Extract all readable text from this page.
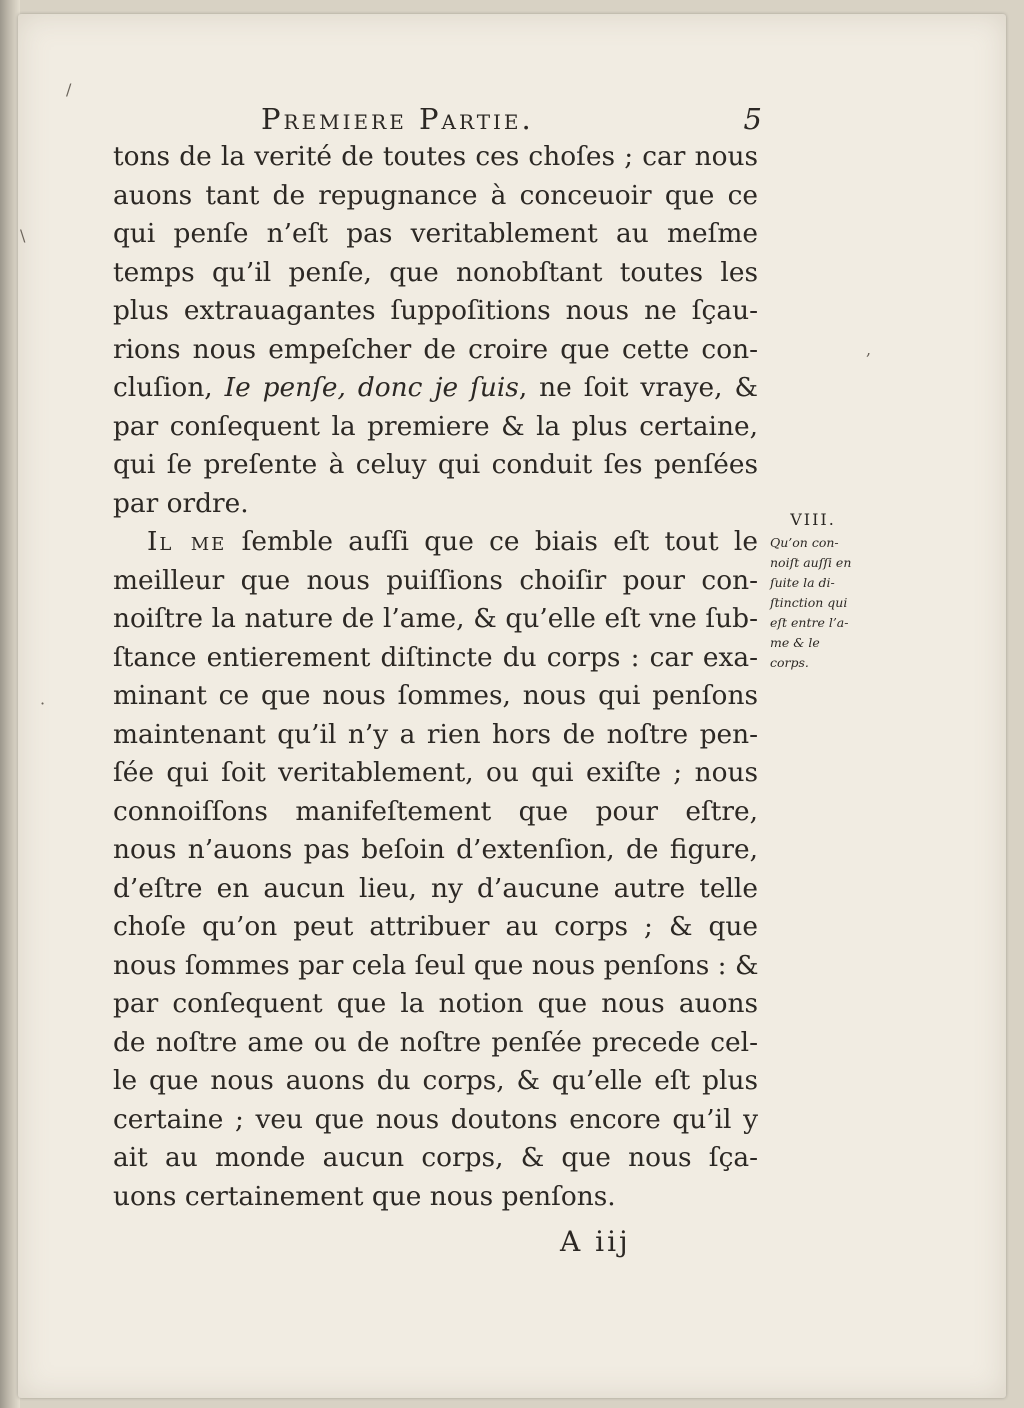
Premiere Partie.	5
tons de la verité de toutes ces choſes ; car nous
auons tant de repugnance à conceuoir que ce
qui penſe n’eſt pas veritablement au meſme
temps qu’il penſe, que nonobſtant toutes les
plus extrauagantes ſuppoſitions nous ne ſçau-
rions nous empeſcher de croire que cette con-
cluſion, Ie penſe, donc je ſuis, ne ſoit vraye, &
par conſequent la premiere & la plus certaine,
qui ſe preſente à celuy qui conduit ſes penſées
par ordre.
Il me ſemble auſſi que ce biais eſt tout le
meilleur que nous puiſſions choiſir pour con-
noiſtre la nature de l’ame, & qu’elle eſt vne ſub-
ſtance entierement diſtincte du corps : car exa-
minant ce que nous ſommes, nous qui penſons
maintenant qu’il n’y a rien hors de noſtre pen-
ſée qui ſoit veritablement, ou qui exiſte ; nous
connoiſſons manifeſtement que pour eſtre,
nous n’auons pas beſoin d’extenſion, de figure,
d’eſtre en aucun lieu, ny d’aucune autre telle
choſe qu’on peut attribuer au corps ; & que
nous ſommes par cela ſeul que nous penſons : &
par conſequent que la notion que nous auons
de noſtre ame ou de noſtre penſée precede cel-
le que nous auons du corps, & qu’elle eſt plus
certaine ; veu que nous doutons encore qu’il y
ait au monde aucun corps, & que nous ſça-
uons certainement que nous penſons.
VIII.
Qu’on con-
noiſt auſſi en
ſuite la di-
ſtinction qui
eſt entre l’a-
me & le
corps.
A iij
\
/
·
,
